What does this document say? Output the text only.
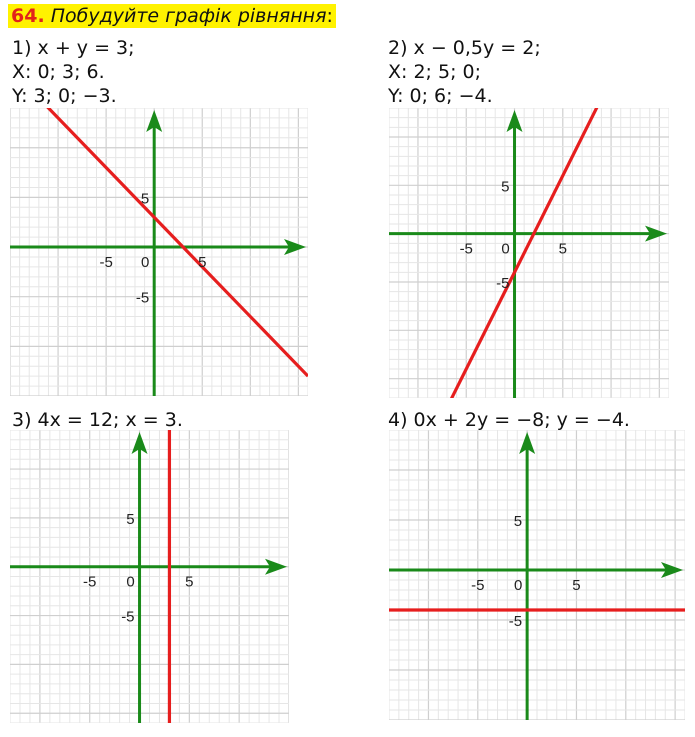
64. Побудуйте графік рівняння:
1) x + y = 3;
X: 0; 3; 6.
Y: 3; 0; −3.
2) x − 0,5y = 2;
X: 2; 5; 0;
Y: 0; 6; −4.
3) 4x = 12; x = 3.	4) 0x + 2y = −8; y = −4.
-5 0	5
5
-5
-5 0	5
5
-5
-5 0	5
5
-5
-5 0	5
5
-5
